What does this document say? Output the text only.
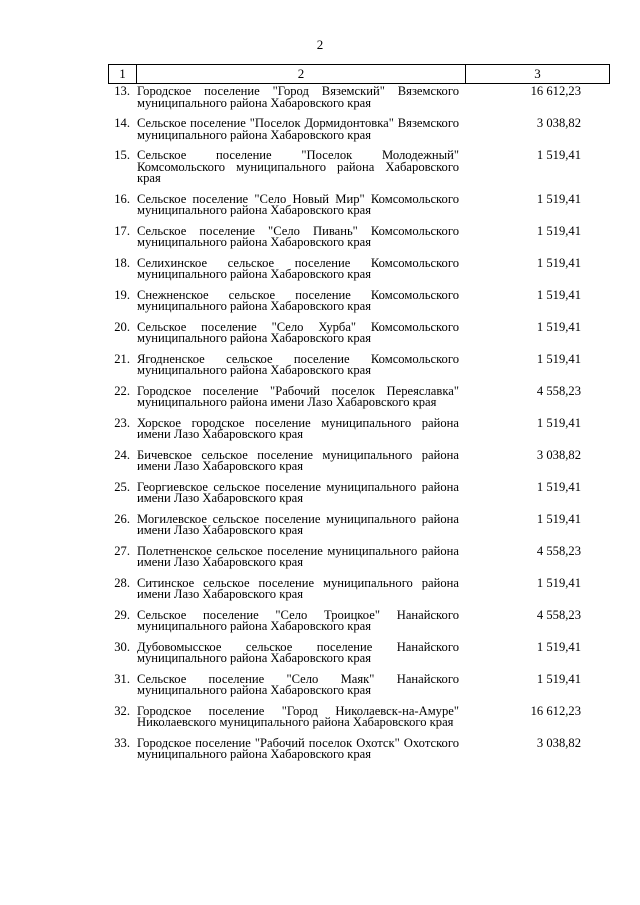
2
1	2	3
13. Городское поселение "Город Вяземский" Вяземского муниципального района Хабаровского края
16 612,23
14. Сельское поселение "Поселок Дормидонтовка" Вяземского муниципального района Хабаровского края
3 038,82
15. Сельское поселение "Поселок Молодежный" Комсомольского муниципального района Хабаровского края
1 519,41
16. Сельское поселение "Село Новый Мир" Комсомольского муниципального района Хабаровского края
1 519,41
17. Сельское поселение "Село Пивань" Комсомольского муниципального района Хабаровского края
1 519,41
18. Селихинское сельское поселение Комсомольского муниципального района Хабаровского края
1 519,41
19. Снежненское сельское поселение Комсомольского муниципального района Хабаровского края
1 519,41
20. Сельское поселение "Село Хурба" Комсомольского муниципального района Хабаровского края
1 519,41
21. Ягодненское сельское поселение Комсомольского муниципального района Хабаровского края
1 519,41
22. Городское поселение "Рабочий поселок Переяславка" муниципального района имени Лазо Хабаровского края
4 558,23
23. Хорское городское поселение муниципального района имени Лазо Хабаровского края
1 519,41
24. Бичевское сельское поселение муниципального района имени Лазо Хабаровского края
3 038,82
25. Георгиевское сельское поселение муниципального района имени Лазо Хабаровского края
1 519,41
26. Могилевское сельское поселение муниципального района имени Лазо Хабаровского края
1 519,41
27. Полетненское сельское поселение муниципального района имени Лазо Хабаровского края
4 558,23
28. Ситинское сельское поселение муниципального района имени Лазо Хабаровского края
1 519,41
29. Сельское поселение "Село Троицкое" Нанайского муниципального района Хабаровского края
4 558,23
30. Дубовомысское сельское поселение Нанайского муниципального района Хабаровского края
1 519,41
31. Сельское поселение "Село Маяк" Нанайского муниципального района Хабаровского края
1 519,41
32. Городское поселение "Город Николаевск-на-Амуре" Николаевского муниципального района Хабаровского края
16 612,23
33. Городское поселение "Рабочий поселок Охотск" Охотского муниципального района Хабаровского края
3 038,82
